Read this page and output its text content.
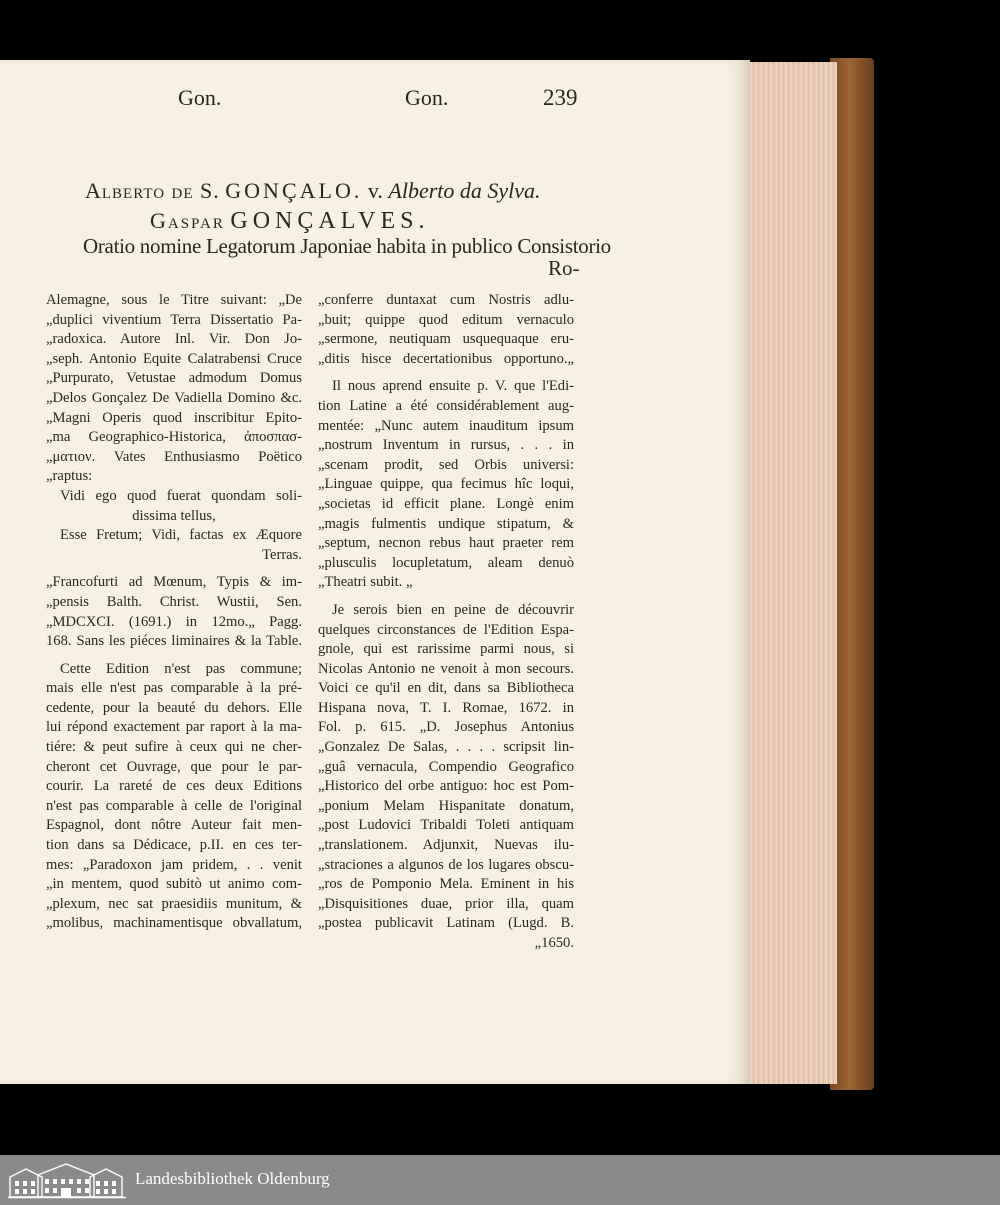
Gon.	Gon.	239
Alberto de S. GONÇALO. v. Alberto da Sylva.
Gaspar GONÇALVES.
Oratio nomine Legatorum Japoniae habita in publico Consistorio
Ro-
Alemagne, sous le Titre suivant: „De
„duplici viventium Terra Dissertatio Pa-
„radoxica. Autore Inl. Vir. Don Jo-
„seph. Antonio Equite Calatrabensi Cruce
„Purpurato, Vetustae admodum Domus
„Delos Gonçalez De Vadiella Domino &c.
„Magni Operis quod inscribitur Epito-
„ma Geographico-Historica, ἀποσπασ-
„ματιον. Vates Enthusiasmo Poëtico
„raptus:
Vidi ego quod fuerat quondam soli-
dissima tellus,
Esse Fretum; Vidi, factas ex Æquore
Terras.
„Francofurti ad Mœnum, Typis & im-
„pensis Balth. Christ. Wustii, Sen.
„MDCXCI. (1691.) in 12mo.„ Pagg.
168. Sans les piéces liminaires & la Table.
Cette Edition n'est pas commune;
mais elle n'est pas comparable à la pré-
cedente, pour la beauté du dehors. Elle
lui répond exactement par raport à la ma-
tiére: & peut sufire à ceux qui ne cher-
cheront cet Ouvrage, que pour le par-
courir. La rareté de ces deux Editions
n'est pas comparable à celle de l'original
Espagnol, dont nôtre Auteur fait men-
tion dans sa Dédicace, p.II. en ces ter-
mes: „Paradoxon jam pridem, . . venit
„in mentem, quod subitò ut animo com-
„plexum, nec sat praesidiis munitum, &
„molibus, machinamentisque obvallatum,
„conferre duntaxat cum Nostris adlu-
„buit; quippe quod editum vernaculo
„sermone, neutiquam usquequaque eru-
„ditis hisce decertationibus opportuno.„
Il nous aprend ensuite p. V. que l'Edi-
tion Latine a été considérablement aug-
mentée: „Nunc autem inauditum ipsum
„nostrum Inventum in rursus, . . . in
„scenam prodit, sed Orbis universi:
„Linguae quippe, qua fecimus hîc loqui,
„societas id efficit plane. Longè enim
„magis fulmentis undique stipatum, &
„septum, necnon rebus haut praeter rem
„plusculis locupletatum, aleam denuò
„Theatri subit. „
Je serois bien en peine de découvrir
quelques circonstances de l'Edition Espa-
gnole, qui est rarissime parmi nous, si
Nicolas Antonio ne venoit à mon secours.
Voici ce qu'il en dit, dans sa Bibliotheca
Hispana nova, T. I. Romae, 1672. in
Fol. p. 615. „D. Josephus Antonius
„Gonzalez De Salas, . . . . scripsit lin-
„guâ vernacula, Compendio Geografico
„Historico del orbe antiguo: hoc est Pom-
„ponium Melam Hispanitate donatum,
„post Ludovici Tribaldi Toleti antiquam
„translationem. Adjunxit, Nuevas ilu-
„straciones a algunos de los lugares obscu-
„ros de Pomponio Mela. Eminent in his
„Disquisitiones duae, prior illa, quam
„postea publicavit Latinam (Lugd. B.
„1650.
Landesbibliothek Oldenburg
